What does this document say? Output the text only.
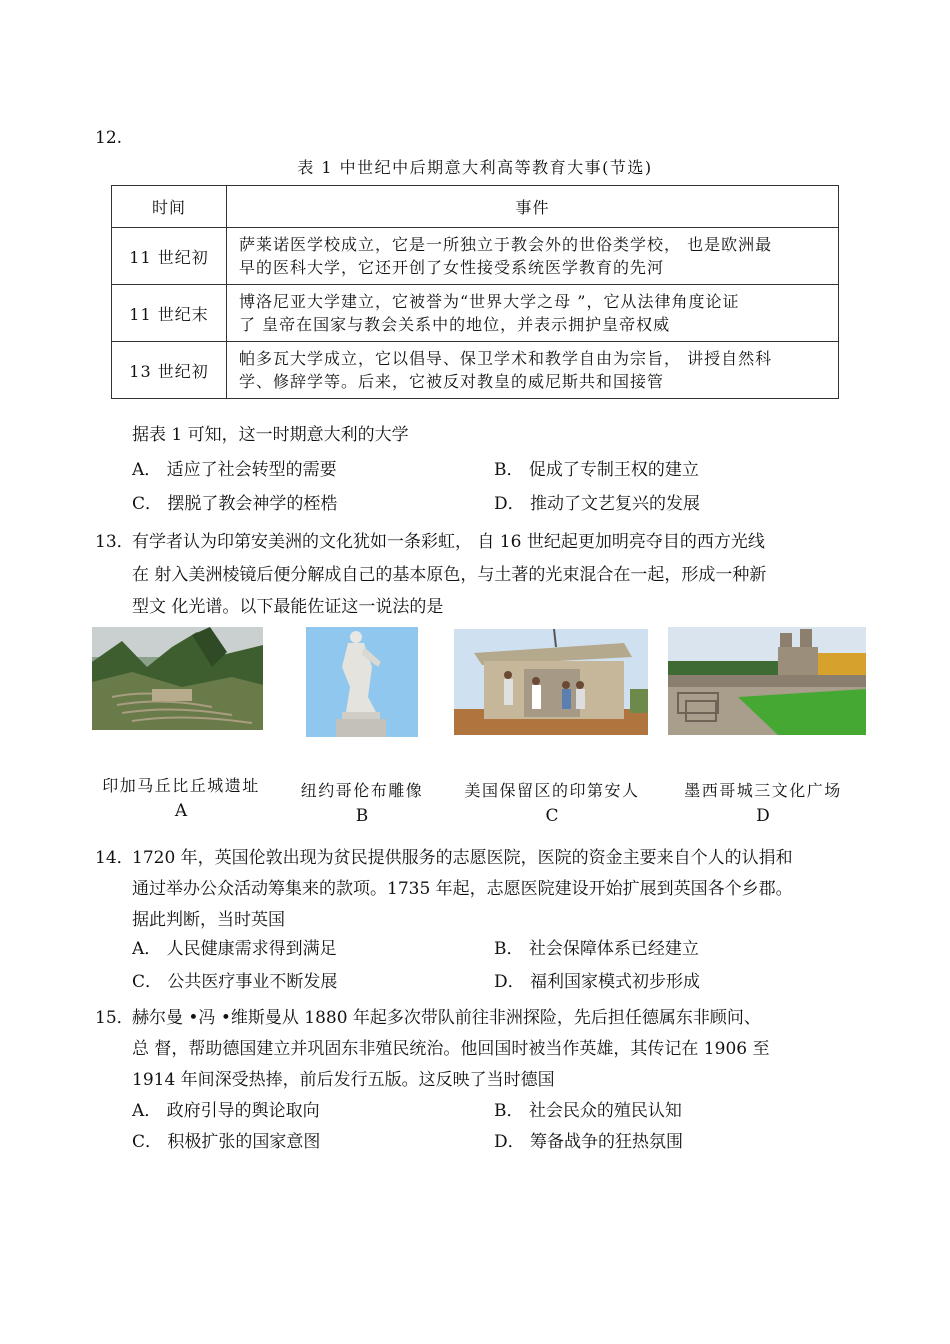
12.
表 1 中世纪中后期意大利高等教育大事(节选)
时间	事件
11 世纪初	萨莱诺医学校成立，它是一所独立于教会外的世俗类学校， 也是欧洲最
早的医科大学，它还开创了女性接受系统医学教育的先河

11 世纪末	博洛尼亚大学建立，它被誉为“世界大学之母 ”，它从法律角度论证
了 皇帝在国家与教会关系中的地位，并表示拥护皇帝权威

13 世纪初	帕多瓦大学成立，它以倡导、保卫学术和教学自由为宗旨， 讲授自然科
学、修辞学等。后来，它被反对教皇的威尼斯共和国接管
据表 1 可知，这一时期意大利的大学
A． 适应了社会转型的需要	B． 促成了专制王权的建立
C． 摆脱了教会神学的桎梏	D． 推动了文艺复兴的发展
13．
有学者认为印第安美洲的文化犹如一条彩虹， 自 16 世纪起更加明亮夺目的西方光线
在 射入美洲棱镜后便分解成自己的基本原色，与土著的光束混合在一起，形成一种新
型文 化光谱。以下最能佐证这一说法的是
印加马丘比丘城遗址
A
纽约哥伦布雕像
B
美国保留区的印第安人
C
墨西哥城三文化广场
D
14．
1720 年，英国伦敦出现为贫民提供服务的志愿医院，医院的资金主要来自个人的认捐和
通过举办公众活动筹集来的款项。1735 年起，志愿医院建设开始扩展到英国各个乡郡。
据此判断，当时英国
A． 人民健康需求得到满足	B． 社会保障体系已经建立
C． 公共医疗事业不断发展	D． 福利国家模式初步形成
15．
赫尔曼 •冯 •维斯曼从 1880 年起多次带队前往非洲探险，先后担任德属东非顾问、
总 督，帮助德国建立并巩固东非殖民统治。他回国时被当作英雄，其传记在 1906 至
1914 年间深受热捧，前后发行五版。这反映了当时德国
A． 政府引导的舆论取向	B． 社会民众的殖民认知
C． 积极扩张的国家意图	D． 筹备战争的狂热氛围
